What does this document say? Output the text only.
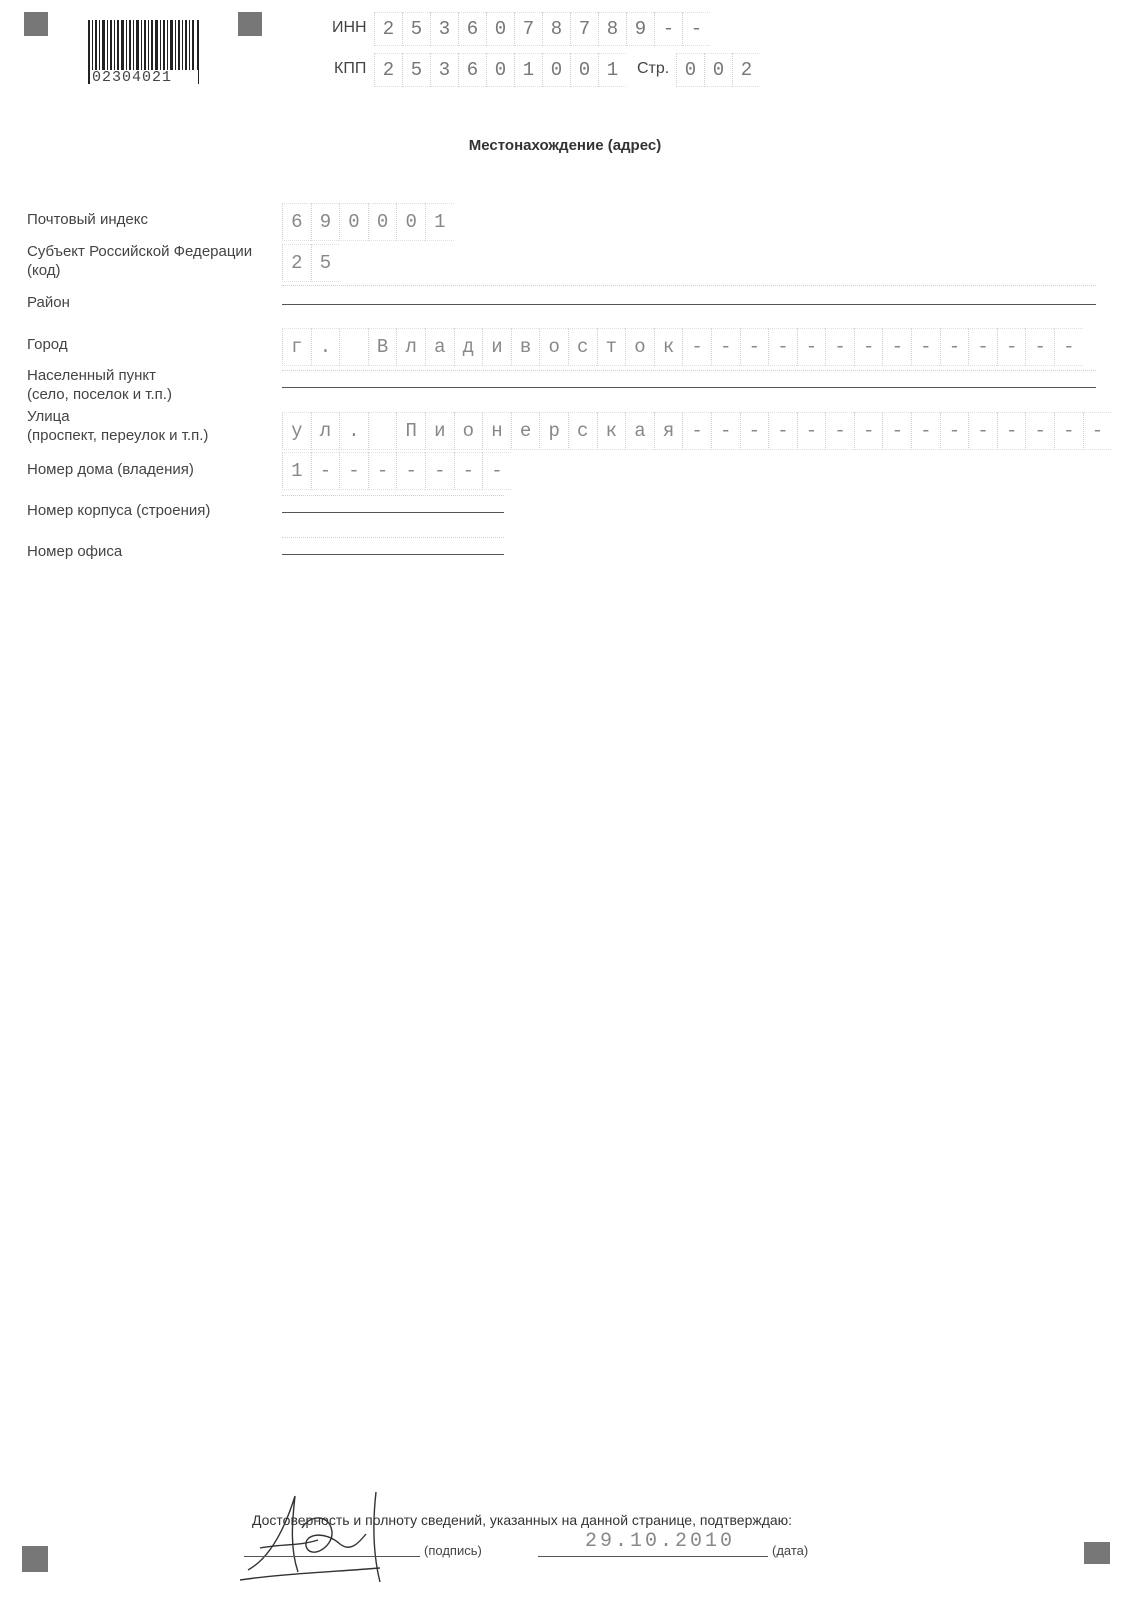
02304021
ИНН 2 5 3 6 0 7 8 7 8 9 - -
КПП 2 5 3 6 0 1 0 0 1	Стр. 0 0 2
Местонахождение (адрес)
Почтовый индекс	6 9 0 0 0 1
Субъект Российской Федерации
(код)	2 5
Район
Город	г .	В л а д и в о с т о к - - - - - - - - - - - - - -
Населенный пункт
(село, поселок и т.п.)
Улица
(проспект, переулок и т.п.)	у л .	П и о н е р с к а я - - - - - - - - - - - - - - -
Номер дома (владения)	1 - - - - - - -
Номер корпуса (строения)
Номер офиса
Достоверность и полноту сведений, указанных на данной странице, подтверждаю:
(подпись)	29.10.2010	(дата)
